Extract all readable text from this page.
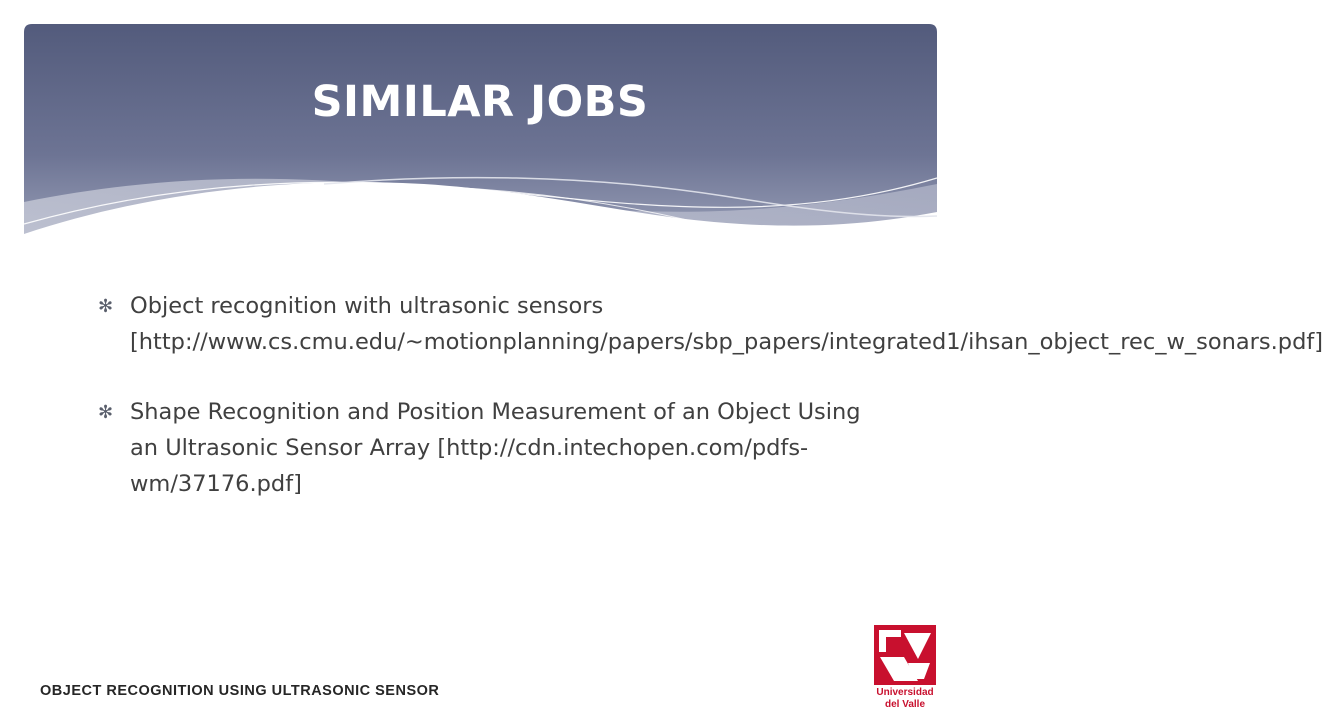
SIMILAR JOBS
✻ Object recognition with ultrasonic sensors [http://www.cs.cmu.edu/~motionplanning/papers/sbp_papers/integrated1/ihsan_object_rec_w_sonars.pdf]
✻ Shape Recognition and Position Measurement of an Object Using an Ultrasonic Sensor Array [http://cdn.intechopen.com/pdfs-wm/37176.pdf]
OBJECT RECOGNITION USING ULTRASONIC SENSOR	Universidad
del Valle
